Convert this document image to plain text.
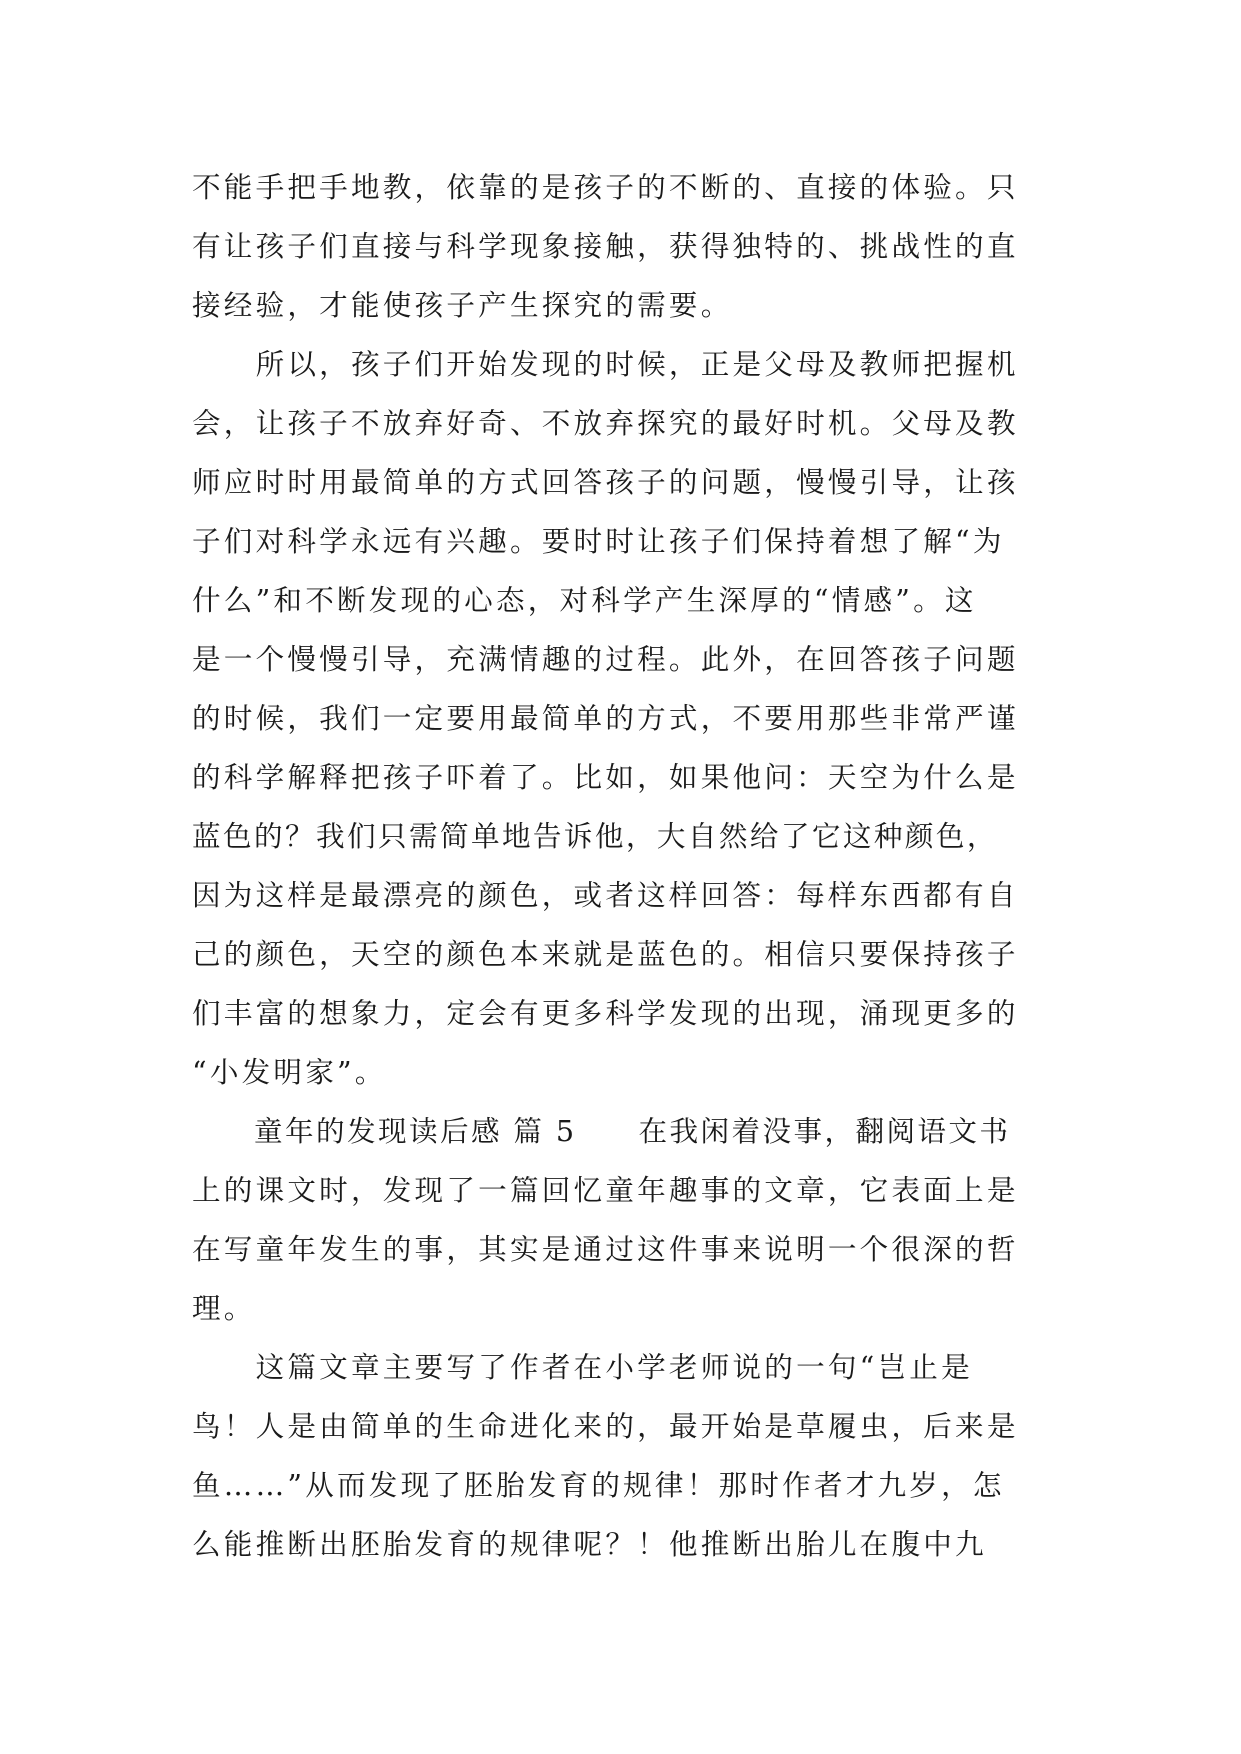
不能手把手地教，依靠的是孩子的不断的、直接的体验。只
有让孩子们直接与科学现象接触，获得独特的、挑战性的直
接经验，才能使孩子产生探究的需要。
　　所以，孩子们开始发现的时候，正是父母及教师把握机
会，让孩子不放弃好奇、不放弃探究的最好时机。父母及教
师应时时用最简单的方式回答孩子的问题，慢慢引导，让孩
子们对科学永远有兴趣。要时时让孩子们保持着想了解“为
什么”和不断发现的心态，对科学产生深厚的“情感”。这
是一个慢慢引导，充满情趣的过程。此外，在回答孩子问题
的时候，我们一定要用最简单的方式，不要用那些非常严谨
的科学解释把孩子吓着了。比如，如果他问：天空为什么是
蓝色的？我们只需简单地告诉他，大自然给了它这种颜色，
因为这样是最漂亮的颜色，或者这样回答：每样东西都有自
己的颜色，天空的颜色本来就是蓝色的。相信只要保持孩子
们丰富的想象力，定会有更多科学发现的出现，涌现更多的
“小发明家”。
　　童年的发现读后感 篇 5　　在我闲着没事，翻阅语文书
上的课文时，发现了一篇回忆童年趣事的文章，它表面上是
在写童年发生的事，其实是通过这件事来说明一个很深的哲
理。
　　这篇文章主要写了作者在小学老师说的一句“岂止是
鸟！人是由简单的生命进化来的，最开始是草履虫，后来是
鱼……”从而发现了胚胎发育的规律！那时作者才九岁，怎
么能推断出胚胎发育的规律呢？！他推断出胎儿在腹中九
